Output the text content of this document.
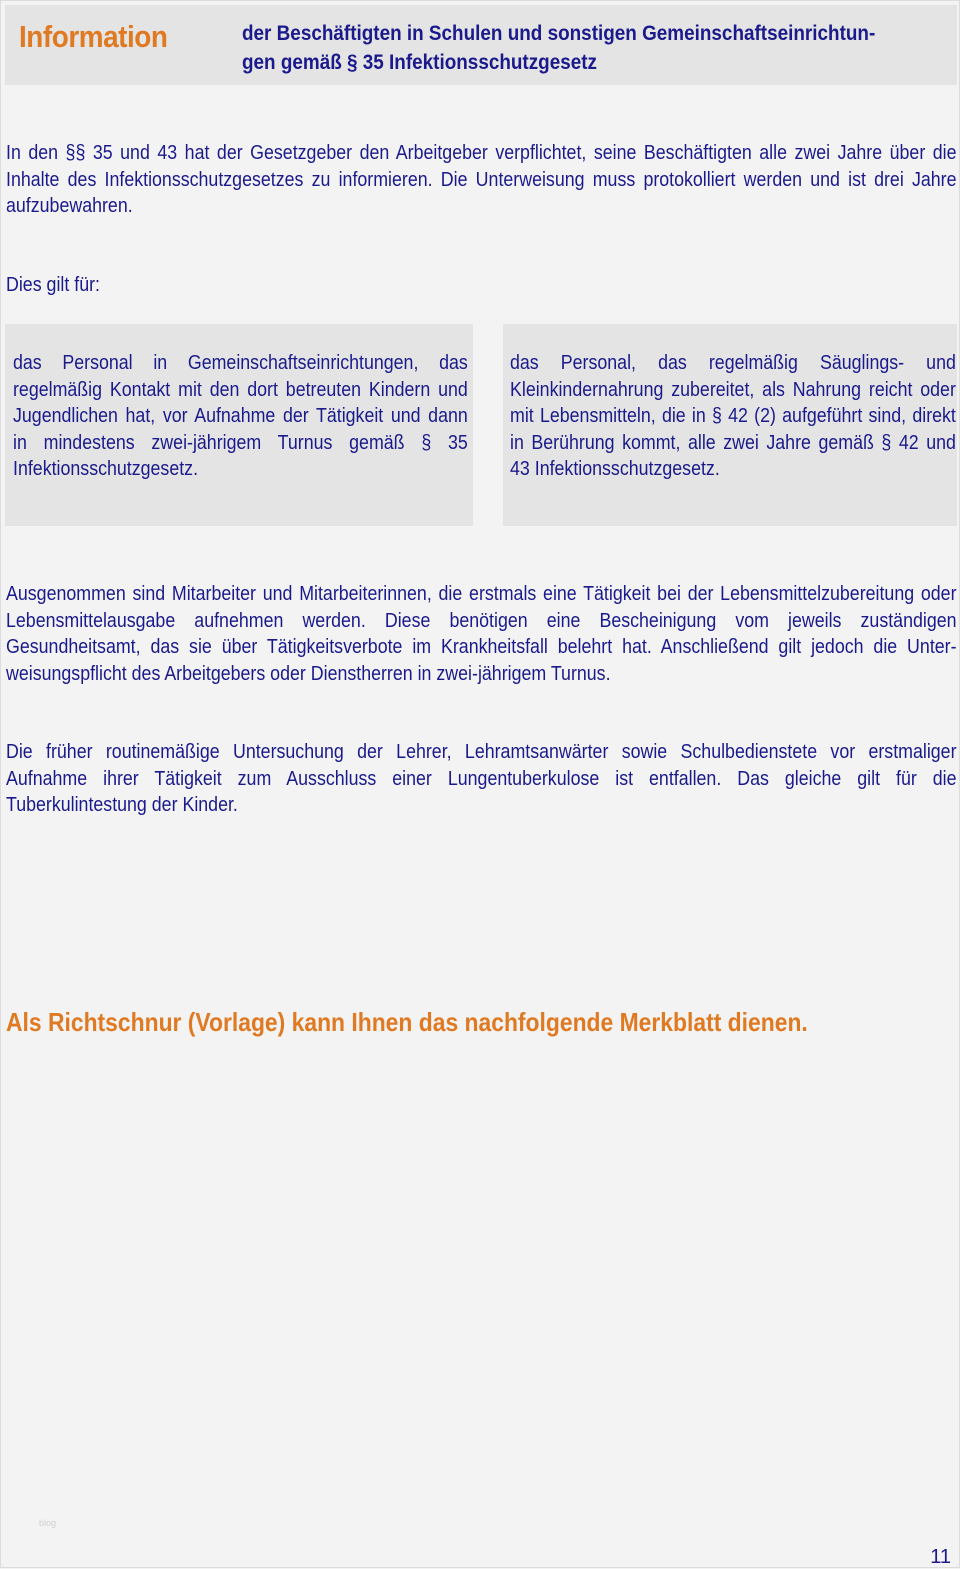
Information	der Beschäftigten in Schulen und sonstigen Gemeinschaftseinrichtun-
gen gemäß § 35 Infektionsschutzgesetz
In den §§ 35 und 43 hat der Gesetzgeber den Arbeitgeber verpflichtet, seine Beschäftigten alle zwei Jahre über die Inhalte des Infektionsschutzgesetzes zu informieren. Die Unterweisung muss protokolliert werden und ist drei Jahre aufzubewahren.
Dies gilt für:
das Personal in Gemeinschaftseinrichtungen, das regelmäßig Kontakt mit den dort betreuten Kindern und Jugendlichen hat, vor Aufnahme der Tätigkeit und dann in mindestens zwei-jährigem Turnus gemäß § 35 Infektionsschutzgesetz.
das Personal, das regelmäßig Säuglings- und Kleinkindernahrung zubereitet, als Nahrung reicht oder mit Lebensmitteln, die in § 42 (2) aufgeführt sind, direkt in Berührung kommt, alle zwei Jahre gemäß § 42 und 43 Infektionsschutzgesetz.
Ausgenommen sind Mitarbeiter und Mitarbeiterinnen, die erstmals eine Tätigkeit bei der Lebensmittelzubereitung oder Lebensmittelausgabe aufnehmen werden. Diese benötigen eine Bescheinigung vom jeweils zuständigen Gesundheitsamt, das sie über Tätigkeitsverbote im Krankheitsfall belehrt hat. Anschließend gilt jedoch die Unter-weisungspflicht des Arbeitgebers oder Dienstherren in zwei-jährigem Turnus.
Die früher routinemäßige Untersuchung der Lehrer, Lehramtsanwärter sowie Schulbedienstete vor erstmaliger Aufnahme ihrer Tätigkeit zum Ausschluss einer Lungentuberkulose ist entfallen. Das gleiche gilt für die Tuberkulintestung der Kinder.
Als Richtschnur (Vorlage) kann Ihnen das nachfolgende Merkblatt dienen.
blog
11
